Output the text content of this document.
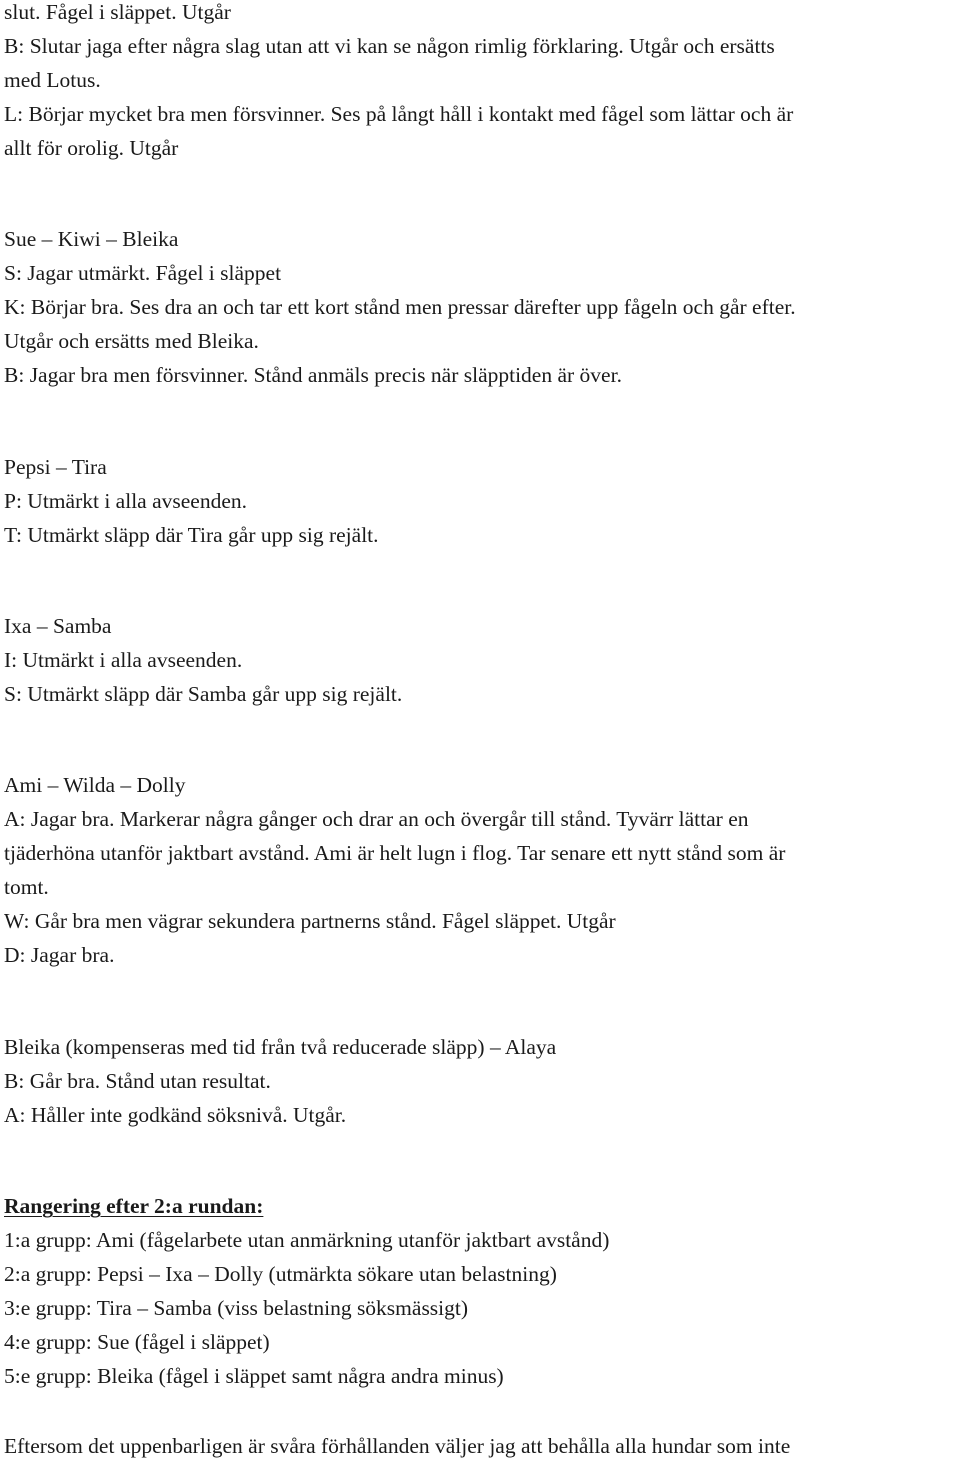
slut. Fågel i släppet. Utgår
B: Slutar jaga efter några slag utan att vi kan se någon rimlig förklaring. Utgår och ersätts
med Lotus.
L: Börjar mycket bra men försvinner. Ses på långt håll i kontakt med fågel som lättar och är
allt för orolig. Utgår
Sue – Kiwi – Bleika
S: Jagar utmärkt. Fågel i släppet
K: Börjar bra. Ses dra an och tar ett kort stånd men pressar därefter upp fågeln och går efter.
Utgår och ersätts med Bleika.
B: Jagar bra men försvinner. Stånd anmäls precis när släpptiden är över.
Pepsi – Tira
P: Utmärkt i alla avseenden.
T: Utmärkt släpp där Tira går upp sig rejält.
Ixa – Samba
I: Utmärkt i alla avseenden.
S: Utmärkt släpp där Samba går upp sig rejält.
Ami – Wilda – Dolly
A: Jagar bra. Markerar några gånger och drar an och övergår till stånd. Tyvärr lättar en
tjäderhöna utanför jaktbart avstånd. Ami är helt lugn i flog. Tar senare ett nytt stånd som är
tomt.
W: Går bra men vägrar sekundera partnerns stånd. Fågel släppet. Utgår
D: Jagar bra.
Bleika (kompenseras med tid från två reducerade släpp) – Alaya
B: Går bra. Stånd utan resultat.
A: Håller inte godkänd söksnivå. Utgår.
Rangering efter 2:a rundan:
1:a grupp: Ami (fågelarbete utan anmärkning utanför jaktbart avstånd)
2:a grupp: Pepsi – Ixa – Dolly (utmärkta sökare utan belastning)
3:e grupp: Tira – Samba (viss belastning söksmässigt)
4:e grupp: Sue (fågel i släppet)
5:e grupp: Bleika (fågel i släppet samt några andra minus)
Eftersom det uppenbarligen är svåra förhållanden väljer jag att behålla alla hundar som inte
